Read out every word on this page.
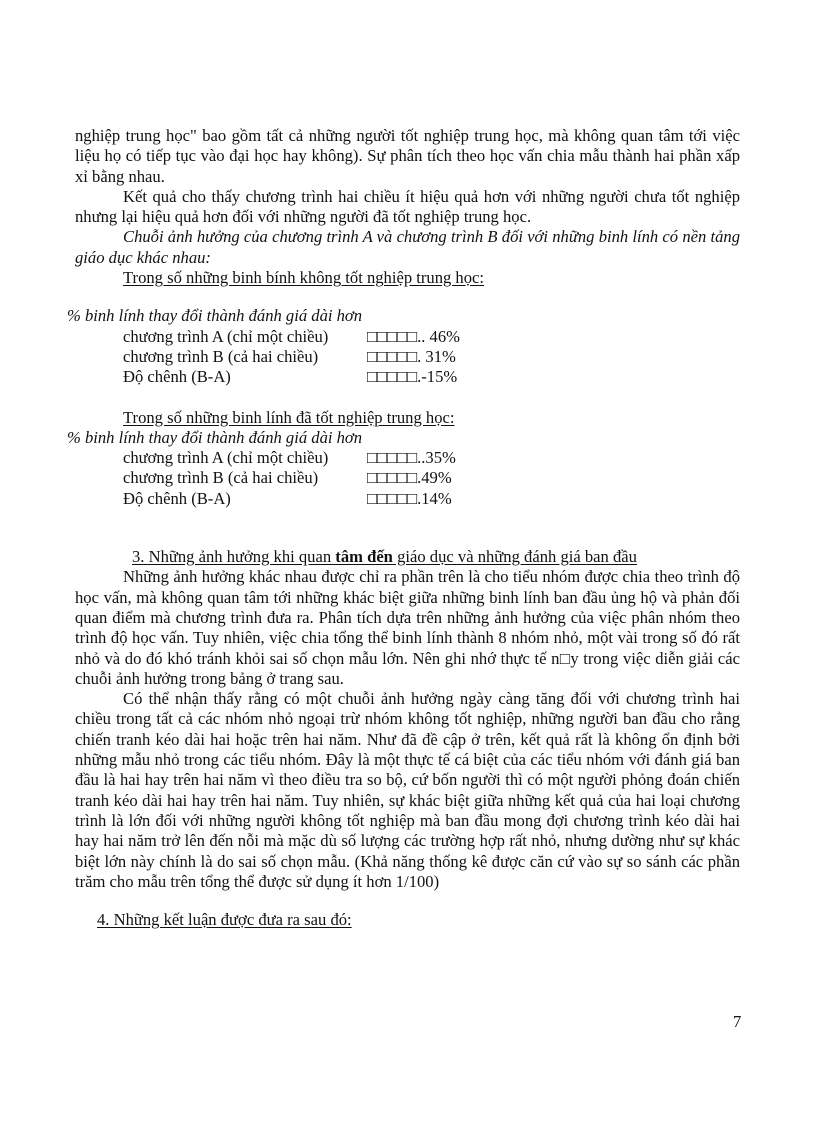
nghiệp trung học" bao gồm tất cả những người tốt nghiệp trung học, mà không quan tâm tới việc liệu họ có tiếp tục vào đại học hay không). Sự phân tích theo học vấn chia mẫu thành hai phần xấp xỉ bằng nhau.

Kết quả cho thấy chương trình hai chiều ít hiệu quả hơn với những người chưa tốt nghiệp nhưng lại hiệu quả hơn đối với những người đã tốt nghiệp trung học.

Chuỗi ảnh hưởng của chương trình A và chương trình B đối với những binh lính có nền tảng giáo dục khác nhau:

Trong số những binh bính không tốt nghiệp trung học:

% binh lính thay đổi thành đánh giá dài hơn

chương trình A (chỉ một chiều)	□□□□□.. 46%
chương trình B (cả hai chiều)	□□□□□. 31%
Độ chênh (B-A)	□□□□□.-15%

Trong số những binh lính đã tốt nghiệp trung học:

% binh lính thay đổi thành đánh giá dài hơn

chương trình A (chỉ một chiều)	□□□□□..35%
chương trình B (cả hai chiều)	□□□□□.49%
Độ chênh (B-A)	□□□□□.14%

3. Những ảnh hưởng khi quan tâm đến giáo dục và những đánh giá ban đầu

Những ảnh hưởng khác nhau được chỉ ra phần trên là cho tiểu nhóm được chia theo trình độ học vấn, mà không quan tâm tới những khác biệt giữa những binh lính ban đầu ủng hộ và phản đối quan điểm mà chương trình đưa ra. Phân tích dựa trên những ảnh hưởng của việc phân nhóm theo trình độ học vấn. Tuy nhiên, việc chia tổng thể binh lính thành 8 nhóm nhỏ, một vài trong số đó rất nhỏ và do đó khó tránh khỏi sai số chọn mẫu lớn. Nên ghi nhớ thực tế n□y trong việc diễn giải các chuỗi ảnh hưởng trong bảng ở trang sau.

Có thể nhận thấy rằng có một chuỗi ảnh hưởng ngày càng tăng đối với chương trình hai chiều trong tất cả các nhóm nhỏ ngoại trừ nhóm không tốt nghiệp, những người ban đầu cho rằng chiến tranh kéo dài hai hoặc trên hai năm. Như đã đề cập ở trên, kết quả rất là không ổn định bởi những mẫu nhỏ trong các tiểu nhóm. Đây là một thực tế cá biệt của các tiểu nhóm với đánh giá ban đầu là hai hay trên hai năm vì theo điều tra so bộ, cứ bốn người thì có một người phỏng đoán chiến tranh kéo dài hai hay trên hai năm. Tuy nhiên, sự khác biệt giữa những kết quả của hai loại chương trình là lớn đối với những người không tốt nghiệp mà ban đầu mong đợi chương trình kéo dài hai hay hai năm trở lên đến nỗi mà mặc dù số lượng các trường hợp rất nhỏ, nhưng dường như sự khác biệt lớn này chính là do sai số chọn mẫu. (Khả năng thống kê được căn cứ vào sự so sánh các phần trăm cho mẫu trên tổng thể được sử dụng ít hơn 1/100)

4. Những kết luận được đưa ra sau đó:

7
